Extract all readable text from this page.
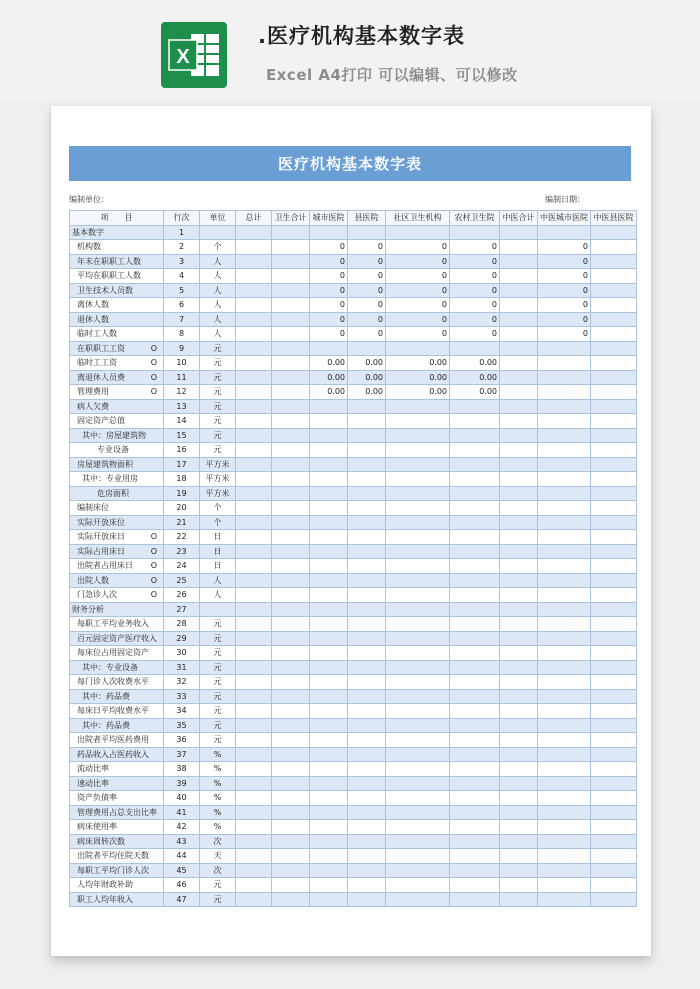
X
.医疗机构基本数字表
Excel A4打印 可以编辑、可以修改
医疗机构基本数字表
编制单位：	编制日期：
项　　目	行次	单位	总计	卫生合计	城市医院	县医院	社区卫生机构	农村卫生院	中医合计	中医城市医院	中医县医院

基本数字	1										

机构数	2	个			0	0	0	0		0	

年末在职职工人数	3	人			0	0	0	0		0	

平均在职职工人数	4	人			0	0	0	0		0	

卫生技术人员数	5	人			0	0	0	0		0	

离休人数	6	人			0	0	0	0		0	

退休人数	7	人			0	0	0	0		0	

临时工人数	8	人			0	0	0	0		0	

在职职工工资 O	9	元									

临时工工资 O	10	元			0.00	0.00	0.00	0.00			

离退休人员费 O	11	元			0.00	0.00	0.00	0.00			

管理费用 O	12	元			0.00	0.00	0.00	0.00			

病人欠费	13	元									

固定资产总值	14	元									

其中：房屋建筑物	15	元									

专业设备	16	元									

房屋建筑物面积	17	平方米									

其中：专业用房	18	平方米									

危房面积	19	平方米									

编制床位	20	个									

实际开放床位	21	个									

实际开放床日 O	22	日									

实际占用床日 O	23	日									

出院者占用床日 O	24	日									

出院人数 O	25	人									

门急诊人次 O	26	人									

财务分析	27										

每职工平均业务收入	28	元									

百元固定资产医疗收入	29	元									

每床位占用固定资产	30	元									

其中：专业设备	31	元									

每门诊人次收费水平	32	元									

其中：药品费	33	元									

每床日平均收费水平	34	元									

其中：药品费	35	元									

出院者平均医药费用	36	元									

药品收入占医药收入	37	%									

流动比率	38	%									

速动比率	39	%									

资产负债率	40	%									

管理费用占总支出比率	41	%									

病床使用率	42	%									

病床周转次数	43	次									

出院者平均住院天数	44	天									

每职工平均门诊人次	45	次									

人均年财政补助	46	元									

职工人均年收入	47	元									
